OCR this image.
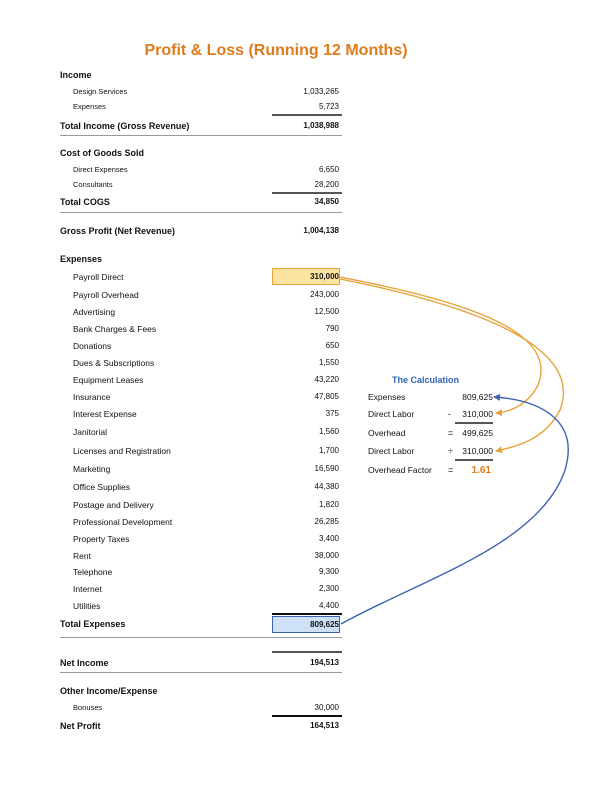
Profit & Loss (Running 12 Months)
Income
Design Services	1,033,265
Expenses	5,723
Total Income (Gross Revenue)	1,038,988
Cost of Goods Sold
Direct Expenses	6,650
Consultants	28,200
Total COGS	34,850
Gross Profit (Net Revenue)	1,004,138
Expenses
Payroll Direct	310,000
Payroll Overhead	243,000
Advertising	12,500
Bank Charges & Fees	790
Donations	650
Dues & Subscriptions	1,550
Equipment Leases	43,220
Insurance	47,805
Interest Expense	375
Janitorial	1,560
Licenses and Registration	1,700
Marketing	16,590
Office Supplies	44,380
Postage and Delivery	1,820
Professional Development	26,285
Property Taxes	3,400
Rent	38,000
Telephone	9,300
Internet	2,300
Utilities	4,400
Total Expenses	809,625
Net Income	194,513
Other Income/Expense
Bonuses	30,000
Net Profit	164,513
The Calculation
Expenses	809,625
Direct Labor	- 310,000
Overhead	= 499,625
Direct Labor	÷ 310,000
Overhead Factor = 1.61
